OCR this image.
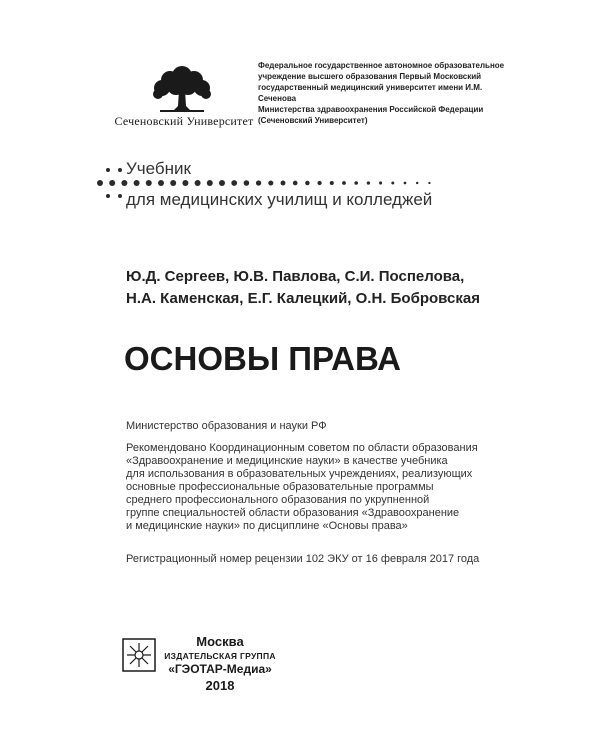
Сеченовский Университет
Федеральное государственное автономное образовательное
учреждение высшего образования Первый Московский
государственный медицинский университет имени И.М. Сеченова
Министерства здравоохранения Российской Федерации
(Сеченовский Университет)
Учебник
для медицинских училищ и колледжей
Ю.Д. Сергеев, Ю.В. Павлова, С.И. Поспелова,
Н.А. Каменская, Е.Г. Калецкий, О.Н. Бобровская
ОСНОВЫ ПРАВА
Министерство образования и науки РФ
Рекомендовано Координационным советом по области образования
«Здравоохранение и медицинские науки» в качестве учебника
для использования в образовательных учреждениях, реализующих
основные профессиональные образовательные программы
среднего профессионального образования по укрупненной
группе специальностей области образования «Здравоохранение
и медицинские науки» по дисциплине «Основы права»
Регистрационный номер рецензии 102 ЭКУ от 16 февраля 2017 года
Москва
ИЗДАТЕЛЬСКАЯ ГРУППА
«ГЭОТАР-Медиа»
2018
